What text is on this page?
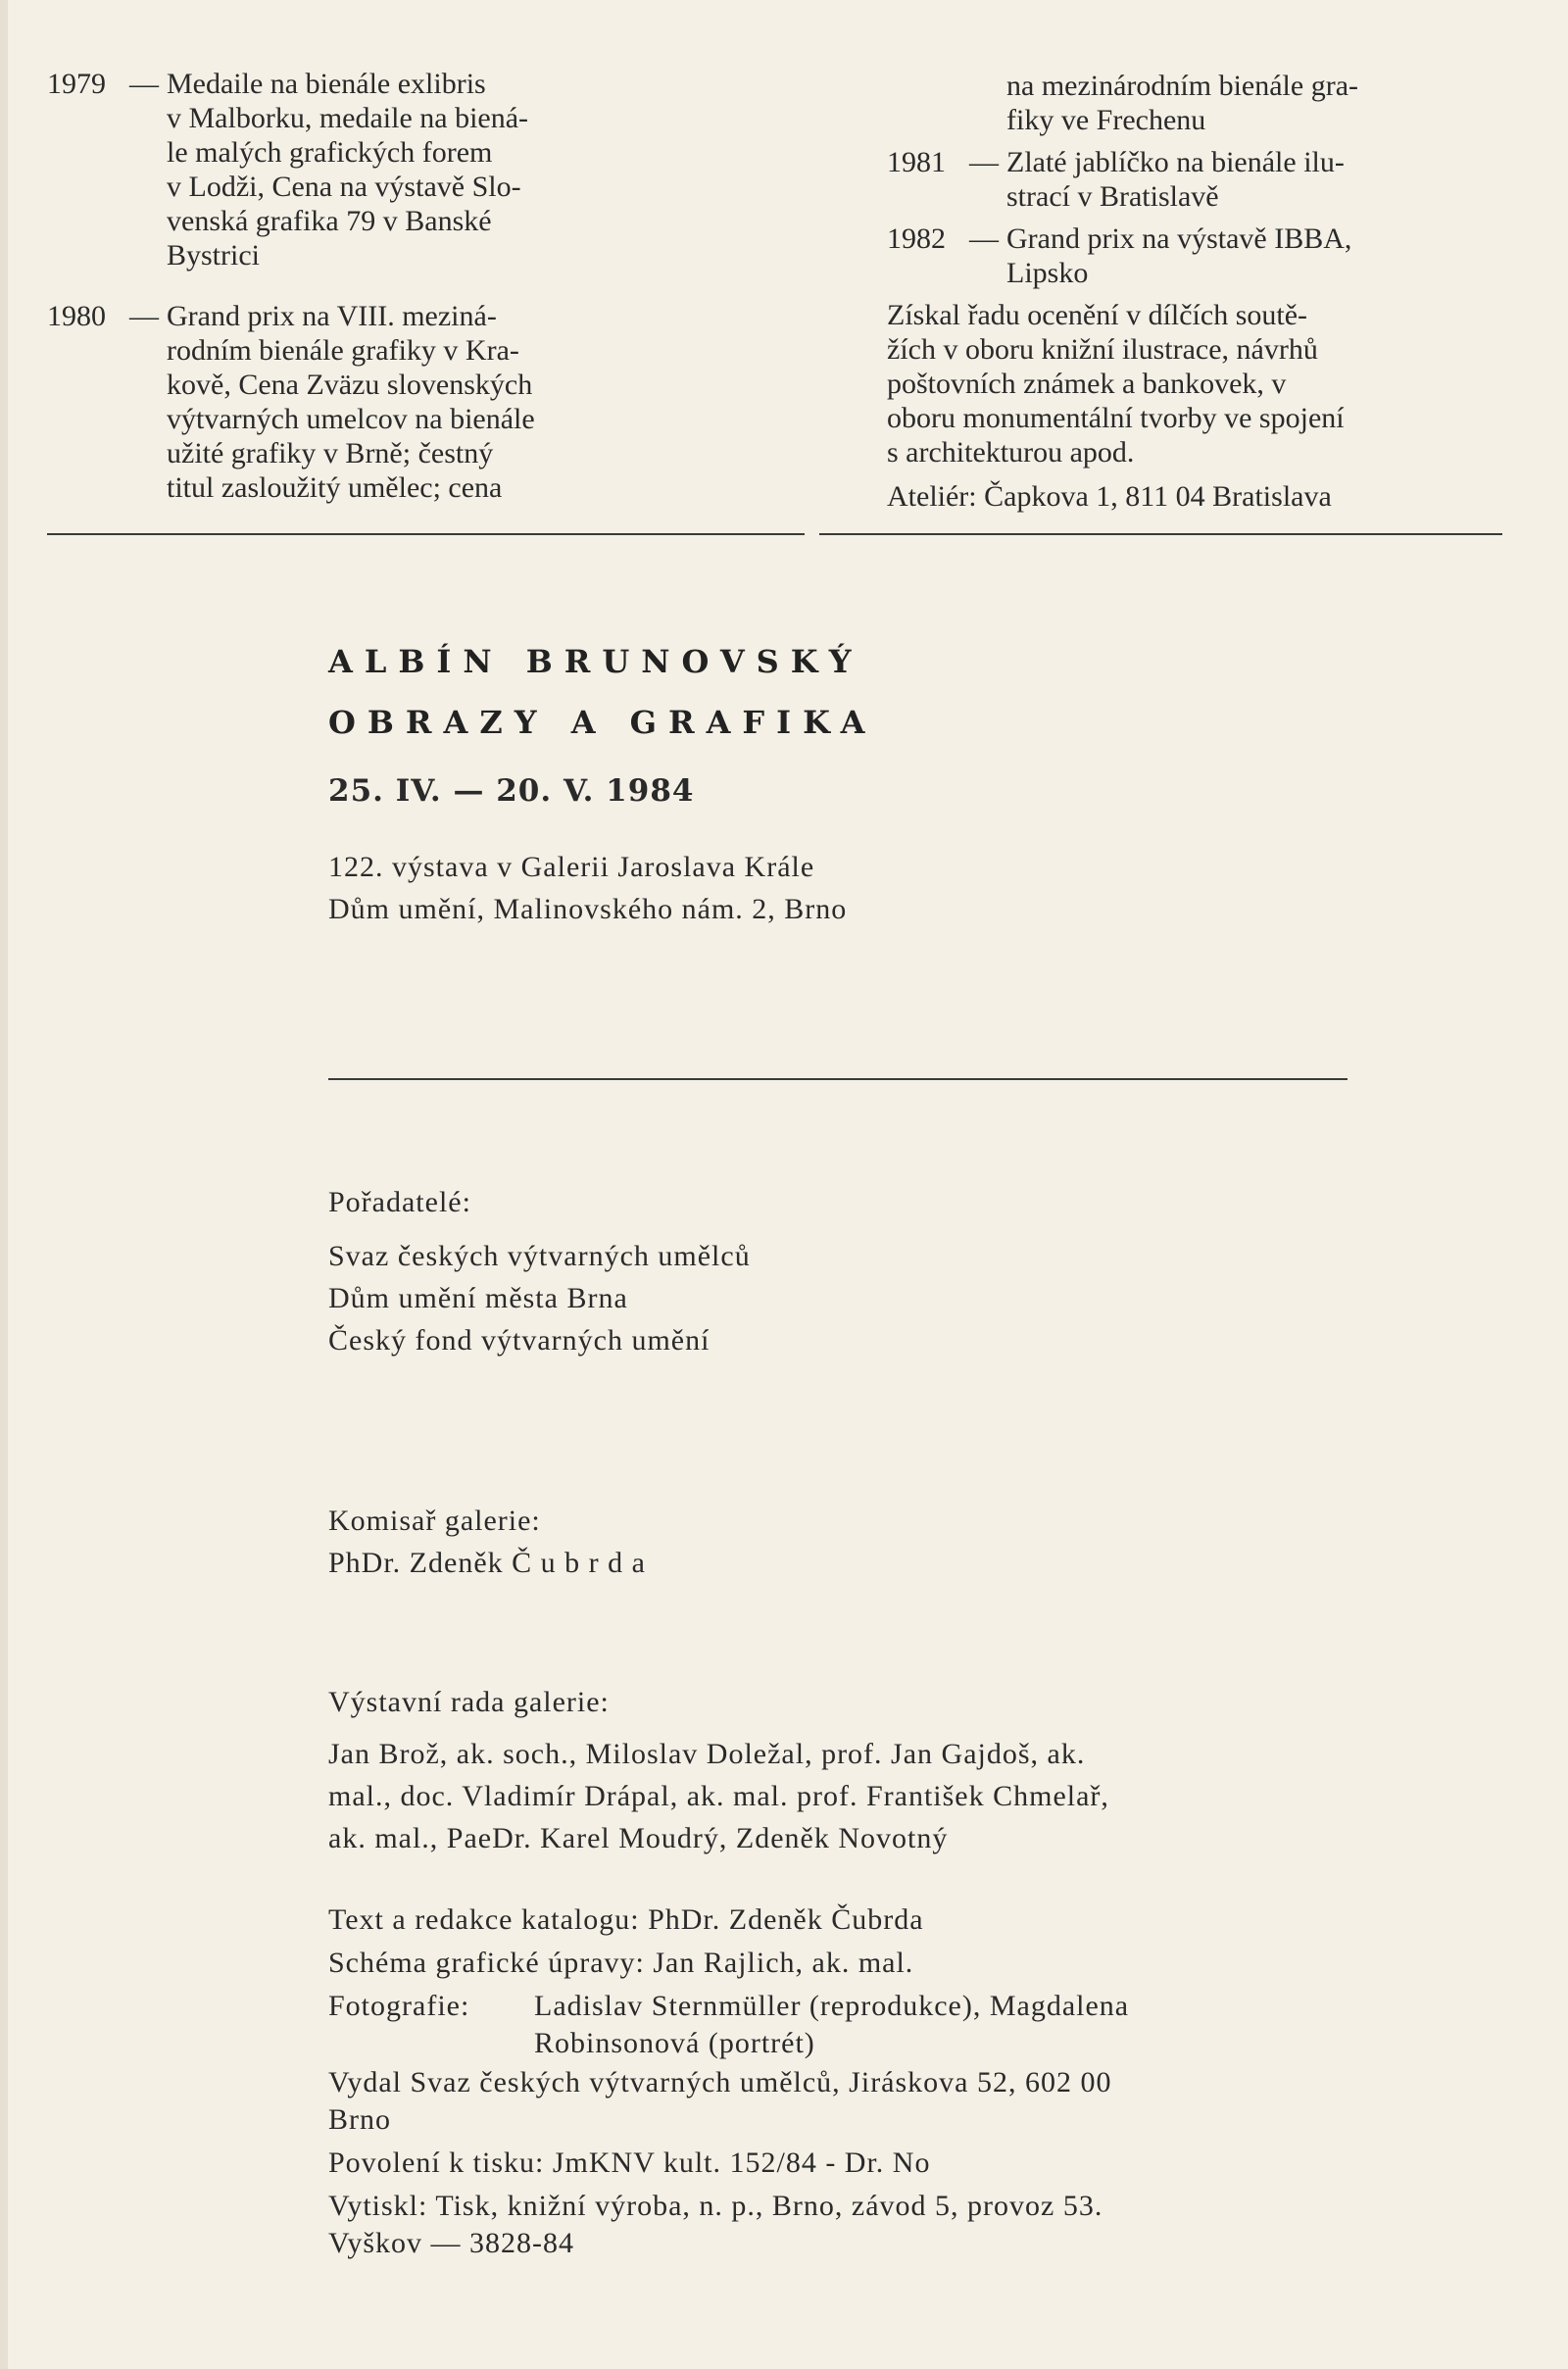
1979 — Medaile na bienále exlibris
v Malborku, medaile na biená-
le malých grafických forem
v Lodži, Cena na výstavě Slo-
venská grafika 79 v Banské
Bystrici
1980 — Grand prix na VIII. meziná-
rodním bienále grafiky v Kra-
kově, Cena Zväzu slovenských
výtvarných umelcov na bienále
užité grafiky v Brně; čestný
titul zasloužitý umělec; cena
na mezinárodním bienále gra-
fiky ve Frechenu
1981 — Zlaté jablíčko na bienále ilu-
strací v Bratislavě
1982 — Grand prix na výstavě IBBA,
Lipsko
Získal řadu ocenění v dílčích soutě-
žích v oboru knižní ilustrace, návrhů
poštovních známek a bankovek, v
oboru monumentální tvorby ve spojení
s architekturou apod.
Ateliér: Čapkova 1, 811 04 Bratislava
ALBÍN BRUNOVSKÝ
OBRAZY A GRAFIKA
25. IV. — 20. V. 1984
122. výstava v Galerii Jaroslava Krále
Dům umění, Malinovského nám. 2, Brno
Pořadatelé:
Svaz českých výtvarných umělců
Dům umění města Brna
Český fond výtvarných umění
Komisař galerie:
PhDr. Zdeněk Č u b r d a
Výstavní rada galerie:
Jan Brož, ak. soch., Miloslav Doležal, prof. Jan Gajdoš, ak.
mal., doc. Vladimír Drápal, ak. mal. prof. František Chmelař,
ak. mal., PaeDr. Karel Moudrý, Zdeněk Novotný
Text a redakce katalogu: PhDr. Zdeněk Čubrda
Schéma grafické úpravy: Jan Rajlich, ak. mal.
Fotografie:	Ladislav Sternmüller (reprodukce), Magdalena
Robinsonová (portrét)
Vydal Svaz českých výtvarných umělců, Jiráskova 52, 602 00
Brno
Povolení k tisku: JmKNV kult. 152/84 - Dr. No
Vytiskl: Tisk, knižní výroba, n. p., Brno, závod 5, provoz 53.
Vyškov — 3828-84
